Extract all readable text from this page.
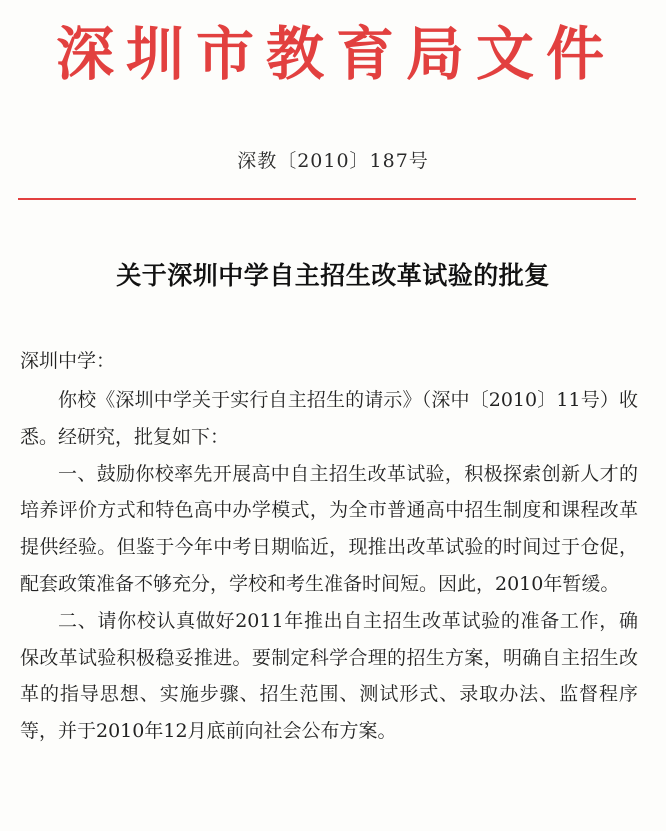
深圳市教育局文件
深教〔2010〕187号
关于深圳中学自主招生改革试验的批复
深圳中学：

你校《深圳中学关于实行自主招生的请示》（深中〔2010〕11号）收悉。经研究，批复如下：

一、鼓励你校率先开展高中自主招生改革试验，积极探索创新人才的培养评价方式和特色高中办学模式，为全市普通高中招生制度和课程改革提供经验。但鉴于今年中考日期临近，现推出改革试验的时间过于仓促，配套政策准备不够充分，学校和考生准备时间短。因此，2010年暂缓。

二、请你校认真做好2011年推出自主招生改革试验的准备工作，确保改革试验积极稳妥推进。要制定科学合理的招生方案，明确自主招生改革的指导思想、实施步骤、招生范围、测试形式、录取办法、监督程序等，并于2010年12月底前向社会公布方案。
